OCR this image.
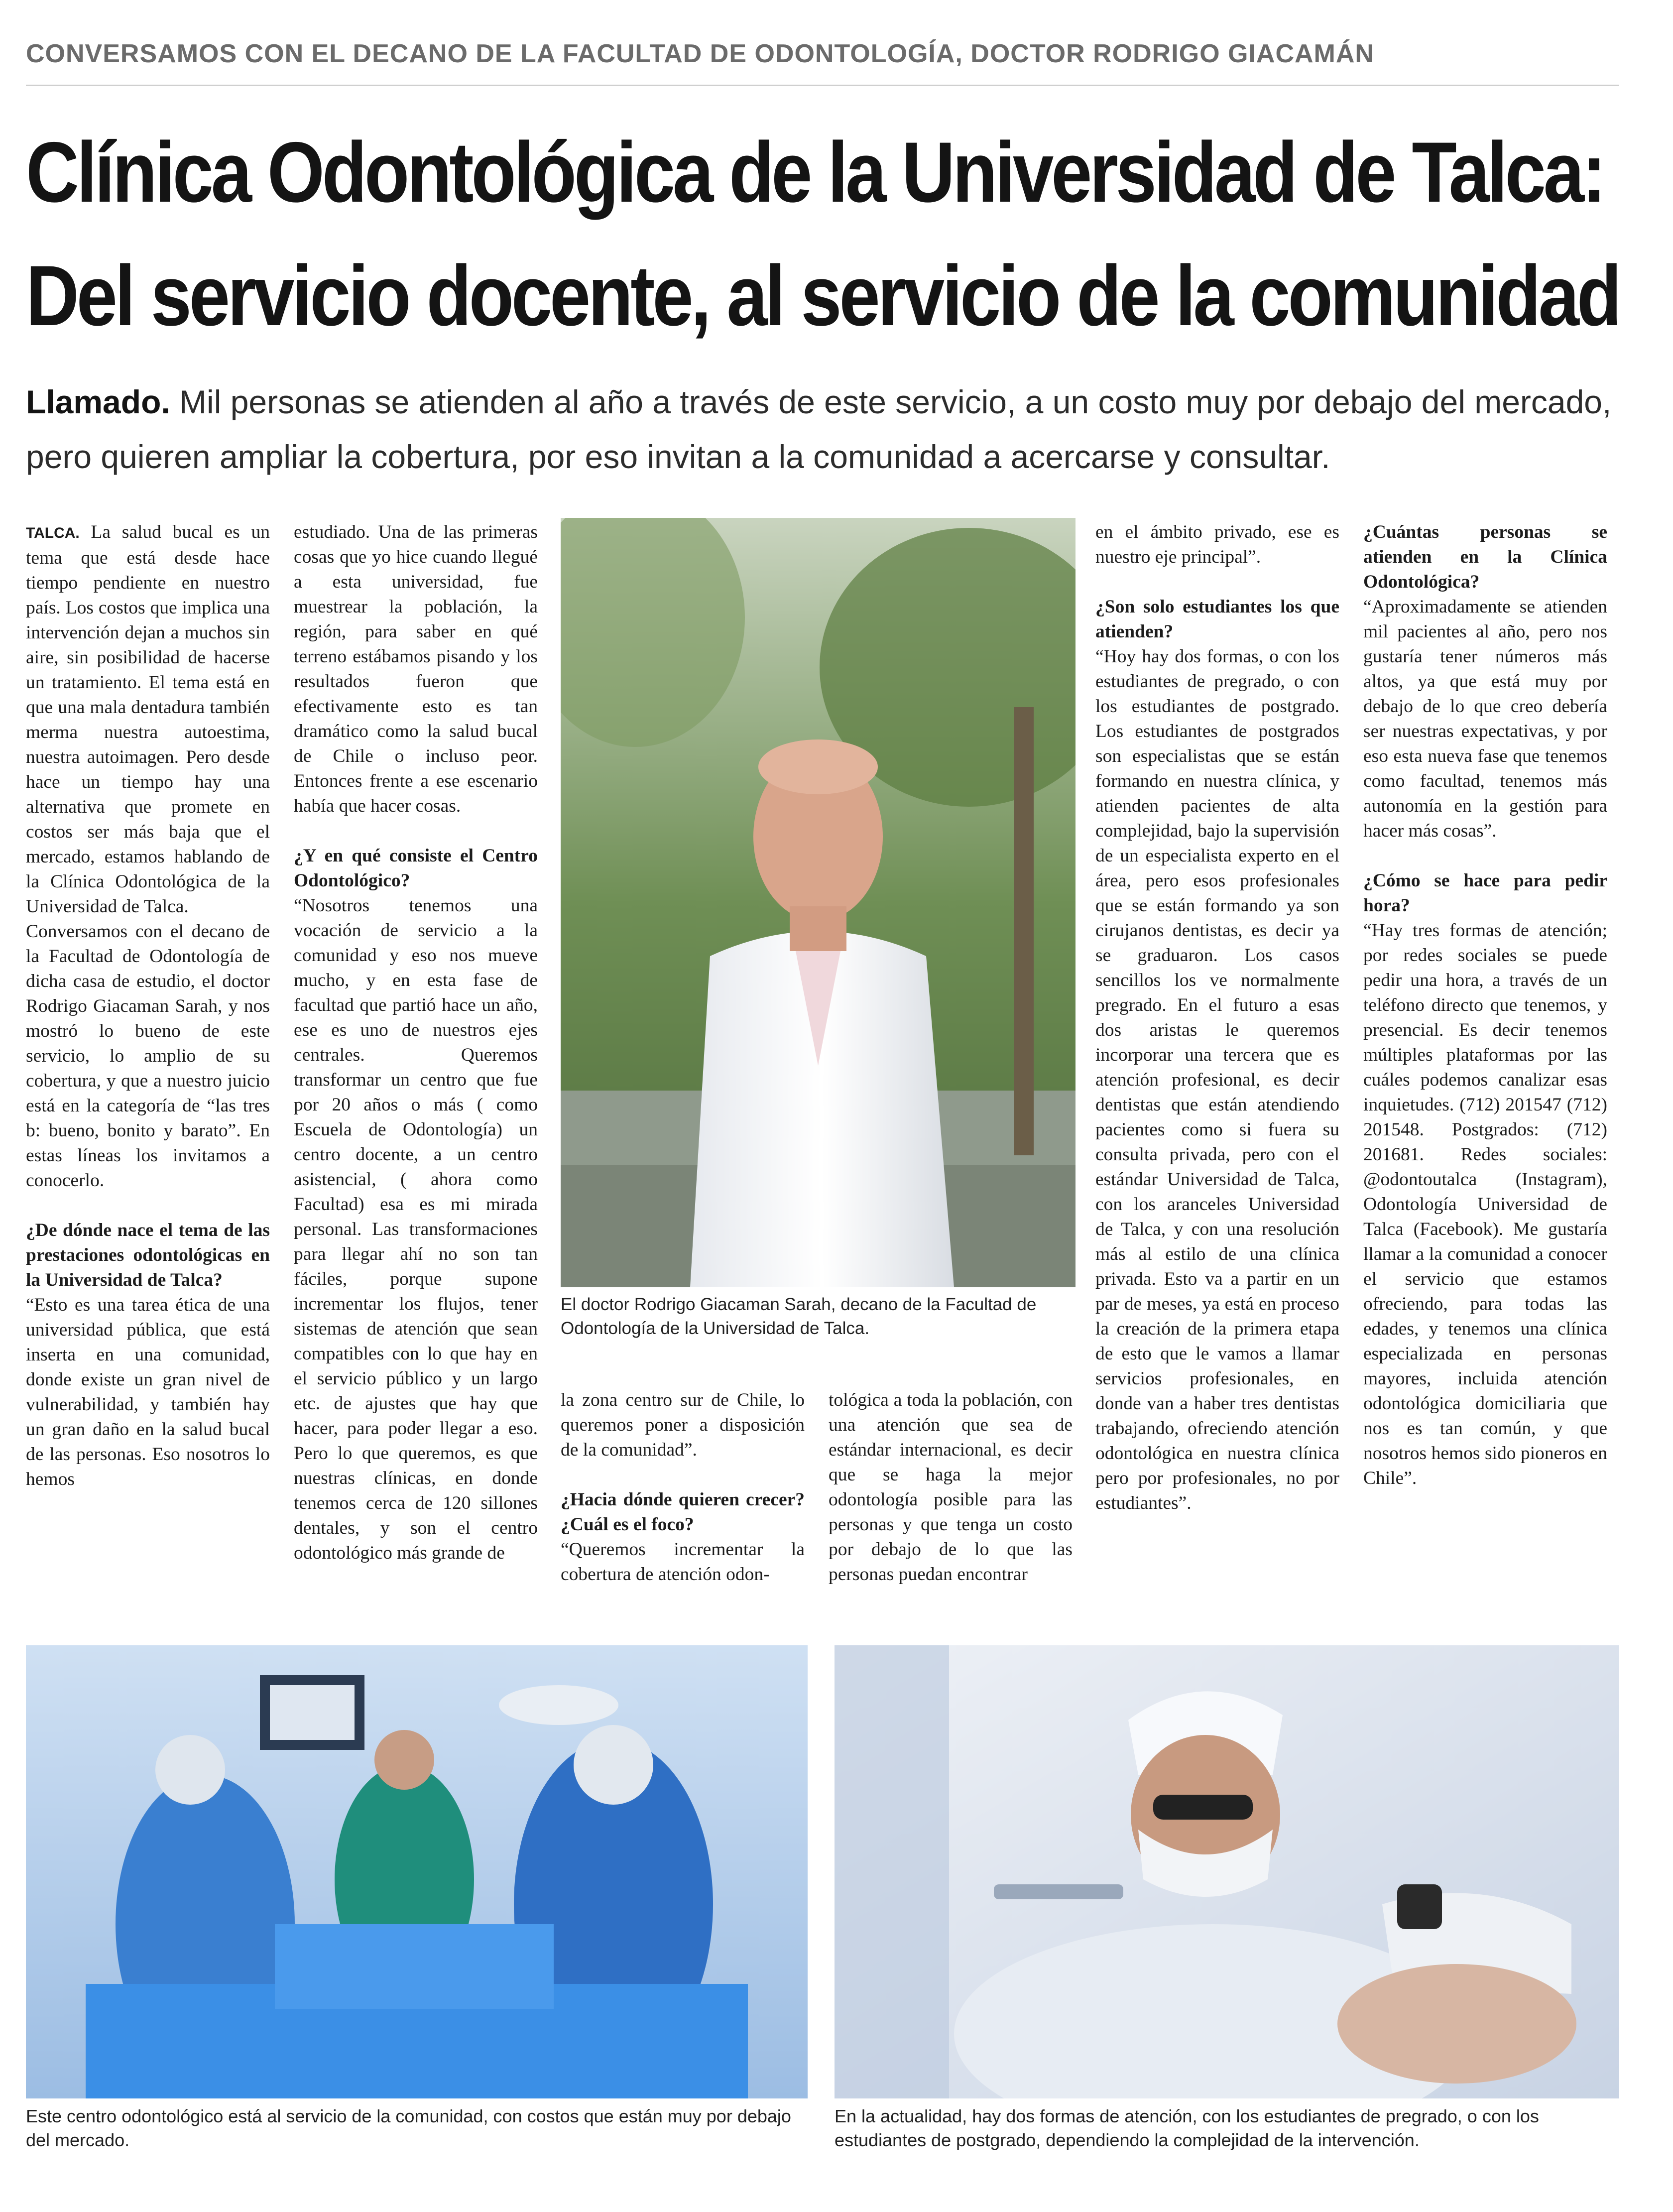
CONVERSAMOS CON EL DECANO DE LA FACULTAD DE ODONTOLOGÍA, DOCTOR RODRIGO GIACAMÁN
Clínica Odontológica de la Universidad de Talca:
Del servicio docente, al servicio de la comunidad
Llamado. Mil personas se atienden al año a través de este servicio, a un costo muy por debajo del mercado, pero quieren ampliar la cobertura, por eso invitan a la comunidad a acercarse y consultar.

TALCA. La salud bucal es un tema que está desde hace tiempo pendiente en nuestro país. Los costos que implica una intervención dejan a muchos sin aire, sin posibilidad de hacerse un tratamiento. El tema está en que una mala dentadura también merma nuestra autoestima, nuestra autoimagen. Pero desde hace un tiempo hay una alternativa que promete en costos ser más baja que el mercado, estamos hablando de la Clínica Odontológica de la Universidad de Talca.

Conversamos con el decano de la Facultad de Odontología de dicha casa de estudio, el doctor Rodrigo Giacaman Sarah, y nos mostró lo bueno de este servicio, lo amplio de su cobertura, y que a nuestro juicio está en la categoría de “las tres b: bueno, bonito y barato”. En estas líneas los invitamos a conocerlo.

¿De dónde nace el tema de las prestaciones odontológicas en la Universidad de Talca?

“Esto es una tarea ética de una universidad pública, que está inserta en una comunidad, donde existe un gran nivel de vulnerabilidad, y también hay un gran daño en la salud bucal de las personas. Eso nosotros lo hemos

estudiado. Una de las primeras cosas que yo hice cuando llegué a esta universidad, fue muestrear la población, la región, para saber en qué terreno estábamos pisando y los resultados fueron que efectivamente esto es tan dramático como la salud bucal de Chile o incluso peor. Entonces frente a ese escenario había que hacer cosas.

¿Y en qué consiste el Centro Odontológico?

“Nosotros tenemos una vocación de servicio a la comunidad y eso nos mueve mucho, y en esta fase de facultad que partió hace un año, ese es uno de nuestros ejes centrales. Queremos transformar un centro que fue por 20 años o más ( como Escuela de Odontología) un centro docente, a un centro asistencial, ( ahora como Facultad) esa es mi mirada personal. Las transformaciones para llegar ahí no son tan fáciles, porque supone incrementar los flujos, tener sistemas de atención que sean compatibles con lo que hay en el servicio público y un largo etc. de ajustes que hay que hacer, para poder llegar a eso. Pero lo que queremos, es que nuestras clínicas, en donde tenemos cerca de 120 sillones dentales, y son el centro odontológico más grande de

El doctor Rodrigo Giacaman Sarah, decano de la Facultad de Odontología de la Universidad de Talca.

la zona centro sur de Chile, lo queremos poner a disposición de la comunidad”.

¿Hacia dónde quieren crecer? ¿Cuál es el foco?

“Queremos incrementar la cobertura de atención odon-

tológica a toda la población, con una atención que sea de estándar internacional, es decir que se haga la mejor odontología posible para las personas y que tenga un costo por debajo de lo que las personas puedan encontrar

en el ámbito privado, ese es nuestro eje principal”.

¿Son solo estudiantes los que atienden?

“Hoy hay dos formas, o con los estudiantes de pregrado, o con los estudiantes de postgrado. Los estudiantes de postgrados son especialistas que se están formando en nuestra clínica, y atienden pacientes de alta complejidad, bajo la supervisión de un especialista experto en el área, pero esos profesionales que se están formando ya son cirujanos dentistas, es decir ya se graduaron. Los casos sencillos los ve normalmente pregrado. En el futuro a esas dos aristas le queremos incorporar una tercera que es atención profesional, es decir dentistas que están atendiendo pacientes como si fuera su consulta privada, pero con el estándar Universidad de Talca, con los aranceles Universidad de Talca, y con una resolución más al estilo de una clínica privada. Esto va a partir en un par de meses, ya está en proceso la creación de la primera etapa de esto que le vamos a llamar servicios profesionales, en donde van a haber tres dentistas trabajando, ofreciendo atención odontológica en nuestra clínica pero por profesionales, no por estudiantes”.

¿Cuántas personas se atienden en la Clínica Odontológica?

“Aproximadamente se atienden mil pacientes al año, pero nos gustaría tener números más altos, ya que está muy por debajo de lo que creo debería ser nuestras expectativas, y por eso esta nueva fase que tenemos como facultad, tenemos más autonomía en la gestión para hacer más cosas”.

¿Cómo se hace para pedir hora?

“Hay tres formas de atención; por redes sociales se puede pedir una hora, a través de un teléfono directo que tenemos, y presencial. Es decir tenemos múltiples plataformas por las cuáles podemos canalizar esas inquietudes. (712) 201547 (712) 201548. Postgrados: (712) 201681. Redes sociales: @odontoutalca (Instagram), Odontología Universidad de Talca (Facebook). Me gustaría llamar a la comunidad a conocer el servicio que estamos ofreciendo, para todas las edades, y tenemos una clínica especializada en personas mayores, incluida atención odontológica domiciliaria que nos es tan común, y que nosotros hemos sido pioneros en Chile”.

Este centro odontológico está al servicio de la comunidad, con costos que están muy por debajo del mercado.
En la actualidad, hay dos formas de atención, con los estudiantes de pregrado, o con los estudiantes de postgrado, dependiendo la complejidad de la intervención.
